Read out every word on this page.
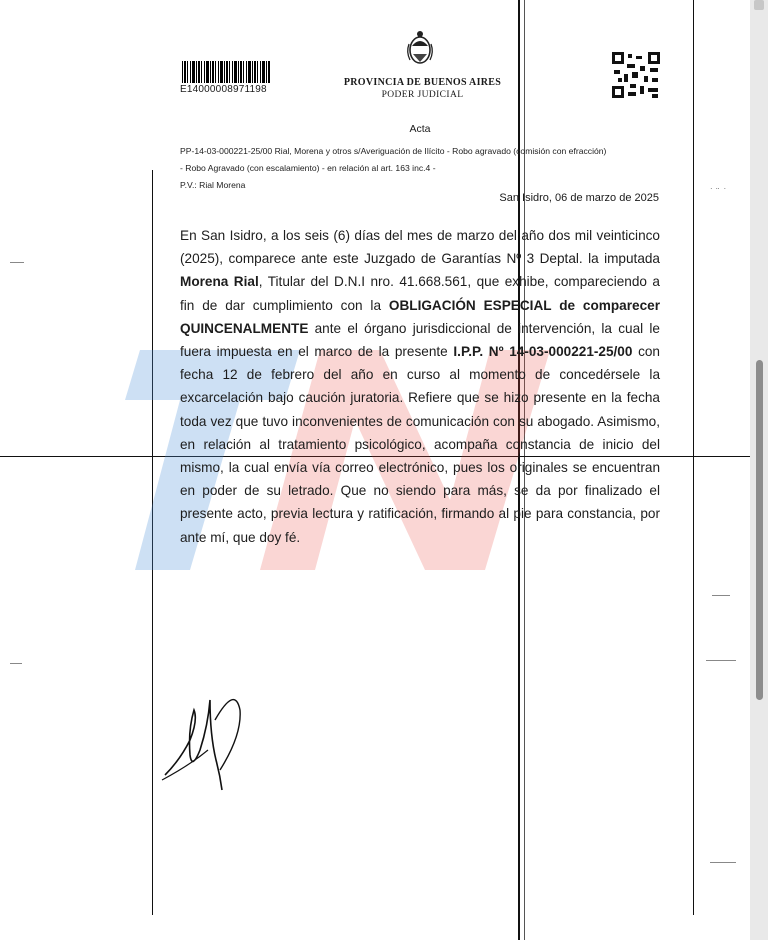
E14000008971198
PROVINCIA DE BUENOS AIRES
PODER JUDICIAL
Acta
PP-14-03-000221-25/00 Rial, Morena y otros s/Averiguación de Ilícito - Robo agravado (comisión con efracción)
- Robo Agravado (con escalamiento) - en relación al art. 163 inc.4 -
P.V.: Rial Morena
San Isidro, 06 de marzo de 2025
En San Isidro, a los seis (6) días del mes de marzo del año dos mil veinticinco (2025), comparece ante este Juzgado de Garantías Nº 3 Deptal. la imputada Morena Rial, Titular del D.N.I nro. 41.668.561, que exhibe, compareciendo a fin de dar cumplimiento con la OBLIGACIÓN ESPECIAL de comparecer QUINCENALMENTE ante el órgano jurisdiccional de intervención, la cual le fuera impuesta en el marco de la presente I.P.P. Nº 14-03-000221-25/00 con fecha 12 de febrero del año en curso al momento de concedérsele la excarcelación bajo caución juratoria. Refiere que se hizo presente en la fecha toda vez que tuvo inconvenientes de comunicación con su abogado. Asimismo, en relación al tratamiento psicológico, acompaña constancia de inicio del mismo, la cual envía vía correo electrónico, pues los originales se encuentran en poder de su letrado. Que no siendo para más, se da por finalizado el presente acto, previa lectura y ratificación, firmando al pie para constancia, por ante mí, que doy fé.
⠂⠒ ⠂
